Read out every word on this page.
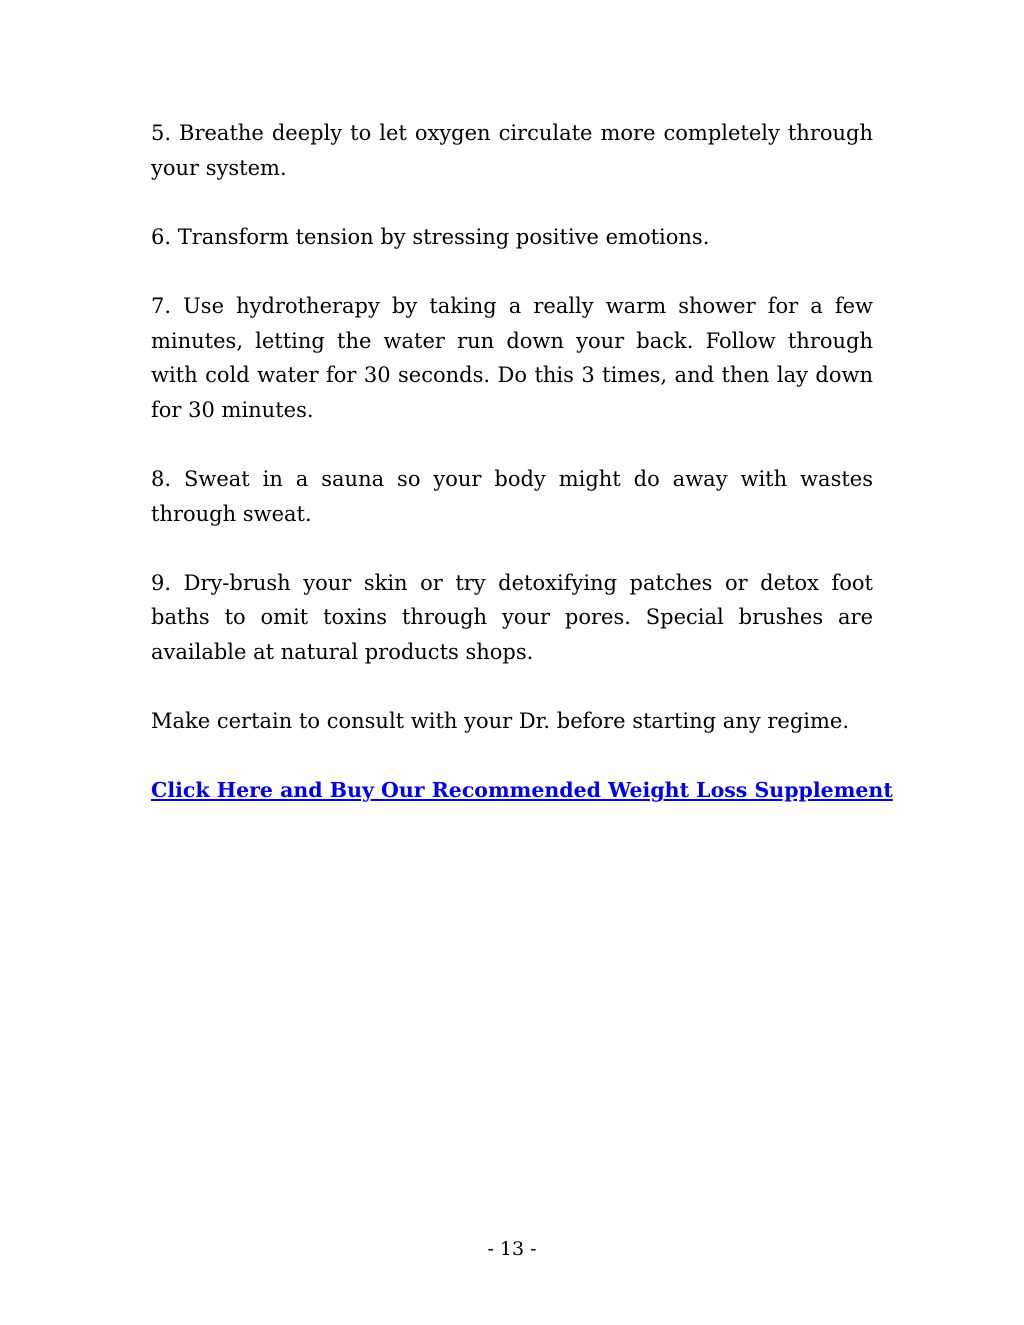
5. Breathe deeply to let oxygen circulate more completely through your system.

6. Transform tension by stressing positive emotions.

7. Use hydrotherapy by taking a really warm shower for a few minutes, letting the water run down your back. Follow through with cold water for 30 seconds. Do this 3 times, and then lay down for 30 minutes.

8. Sweat in a sauna so your body might do away with wastes through sweat.

9. Dry-brush your skin or try detoxifying patches or detox foot baths to omit toxins through your pores. Special brushes are available at natural products shops.

Make certain to consult with your Dr. before starting any regime.

Click Here and Buy Our Recommended Weight Loss Supplement
- 13 -
